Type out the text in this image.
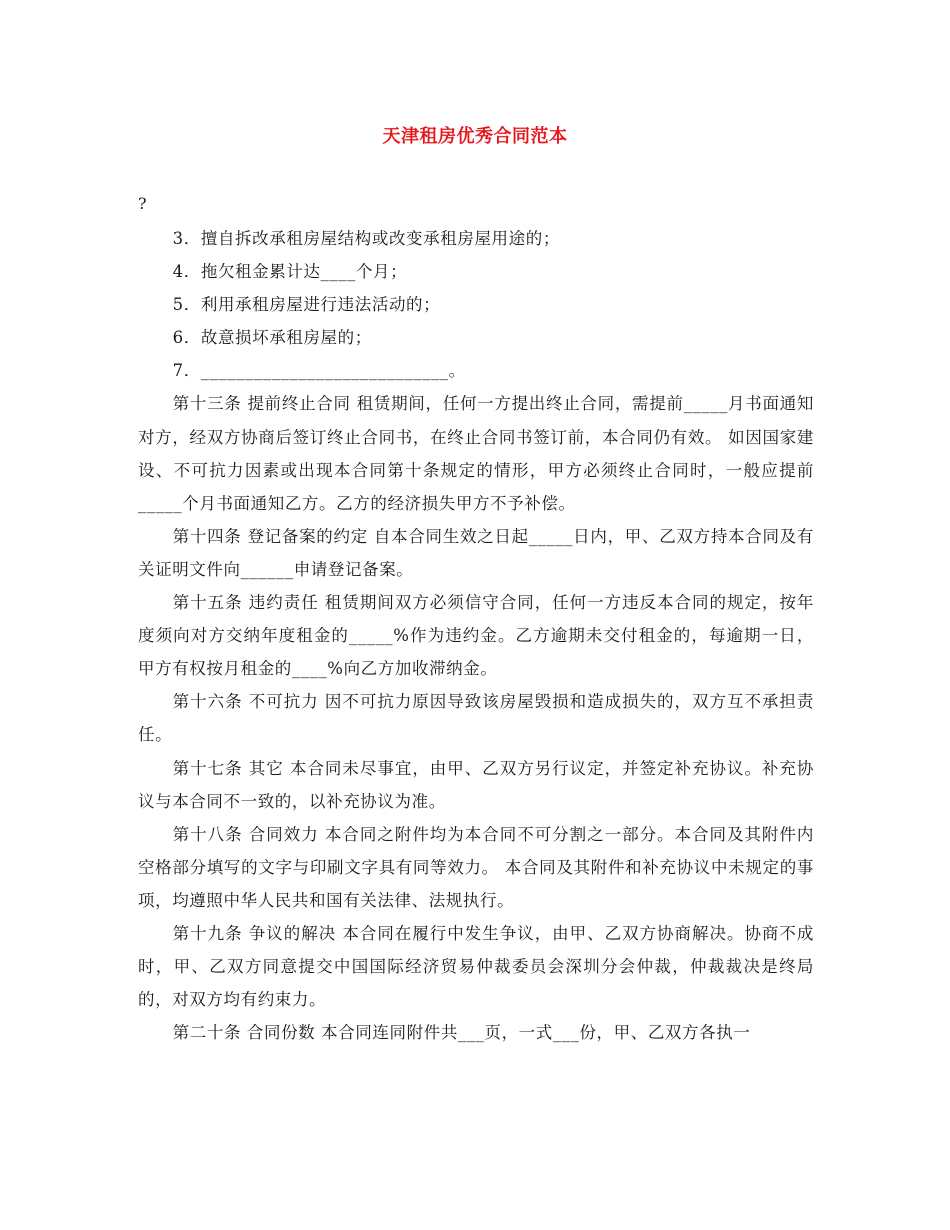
天津租房优秀合同范本
?

3．擅自拆改承租房屋结构或改变承租房屋用途的；

4．拖欠租金累计达____个月；

5．利用承租房屋进行违法活动的；

6．故意损坏承租房屋的；

7．____________________________。

第十三条 提前终止合同 租赁期间，任何一方提出终止合同，需提前_____月书面通知对方，经双方协商后签订终止合同书，在终止合同书签订前，本合同仍有效。 如因国家建设、不可抗力因素或出现本合同第十条规定的情形，甲方必须终止合同时，一般应提前_____个月书面通知乙方。乙方的经济损失甲方不予补偿。

第十四条 登记备案的约定 自本合同生效之日起_____日内，甲、乙双方持本合同及有关证明文件向______申请登记备案。

第十五条 违约责任 租赁期间双方必须信守合同，任何一方违反本合同的规定，按年度须向对方交纳年度租金的_____%作为违约金。乙方逾期未交付租金的，每逾期一日，甲方有权按月租金的____%向乙方加收滞纳金。

第十六条 不可抗力 因不可抗力原因导致该房屋毁损和造成损失的，双方互不承担责任。

第十七条 其它 本合同未尽事宜，由甲、乙双方另行议定，并签定补充协议。补充协议与本合同不一致的，以补充协议为准。

第十八条 合同效力 本合同之附件均为本合同不可分割之一部分。本合同及其附件内空格部分填写的文字与印刷文字具有同等效力。 本合同及其附件和补充协议中未规定的事项，均遵照中华人民共和国有关法律、法规执行。

第十九条 争议的解决 本合同在履行中发生争议，由甲、乙双方协商解决。协商不成时，甲、乙双方同意提交中国国际经济贸易仲裁委员会深圳分会仲裁，仲裁裁决是终局的，对双方均有约束力。

第二十条 合同份数 本合同连同附件共___页，一式___份，甲、乙双方各执一
